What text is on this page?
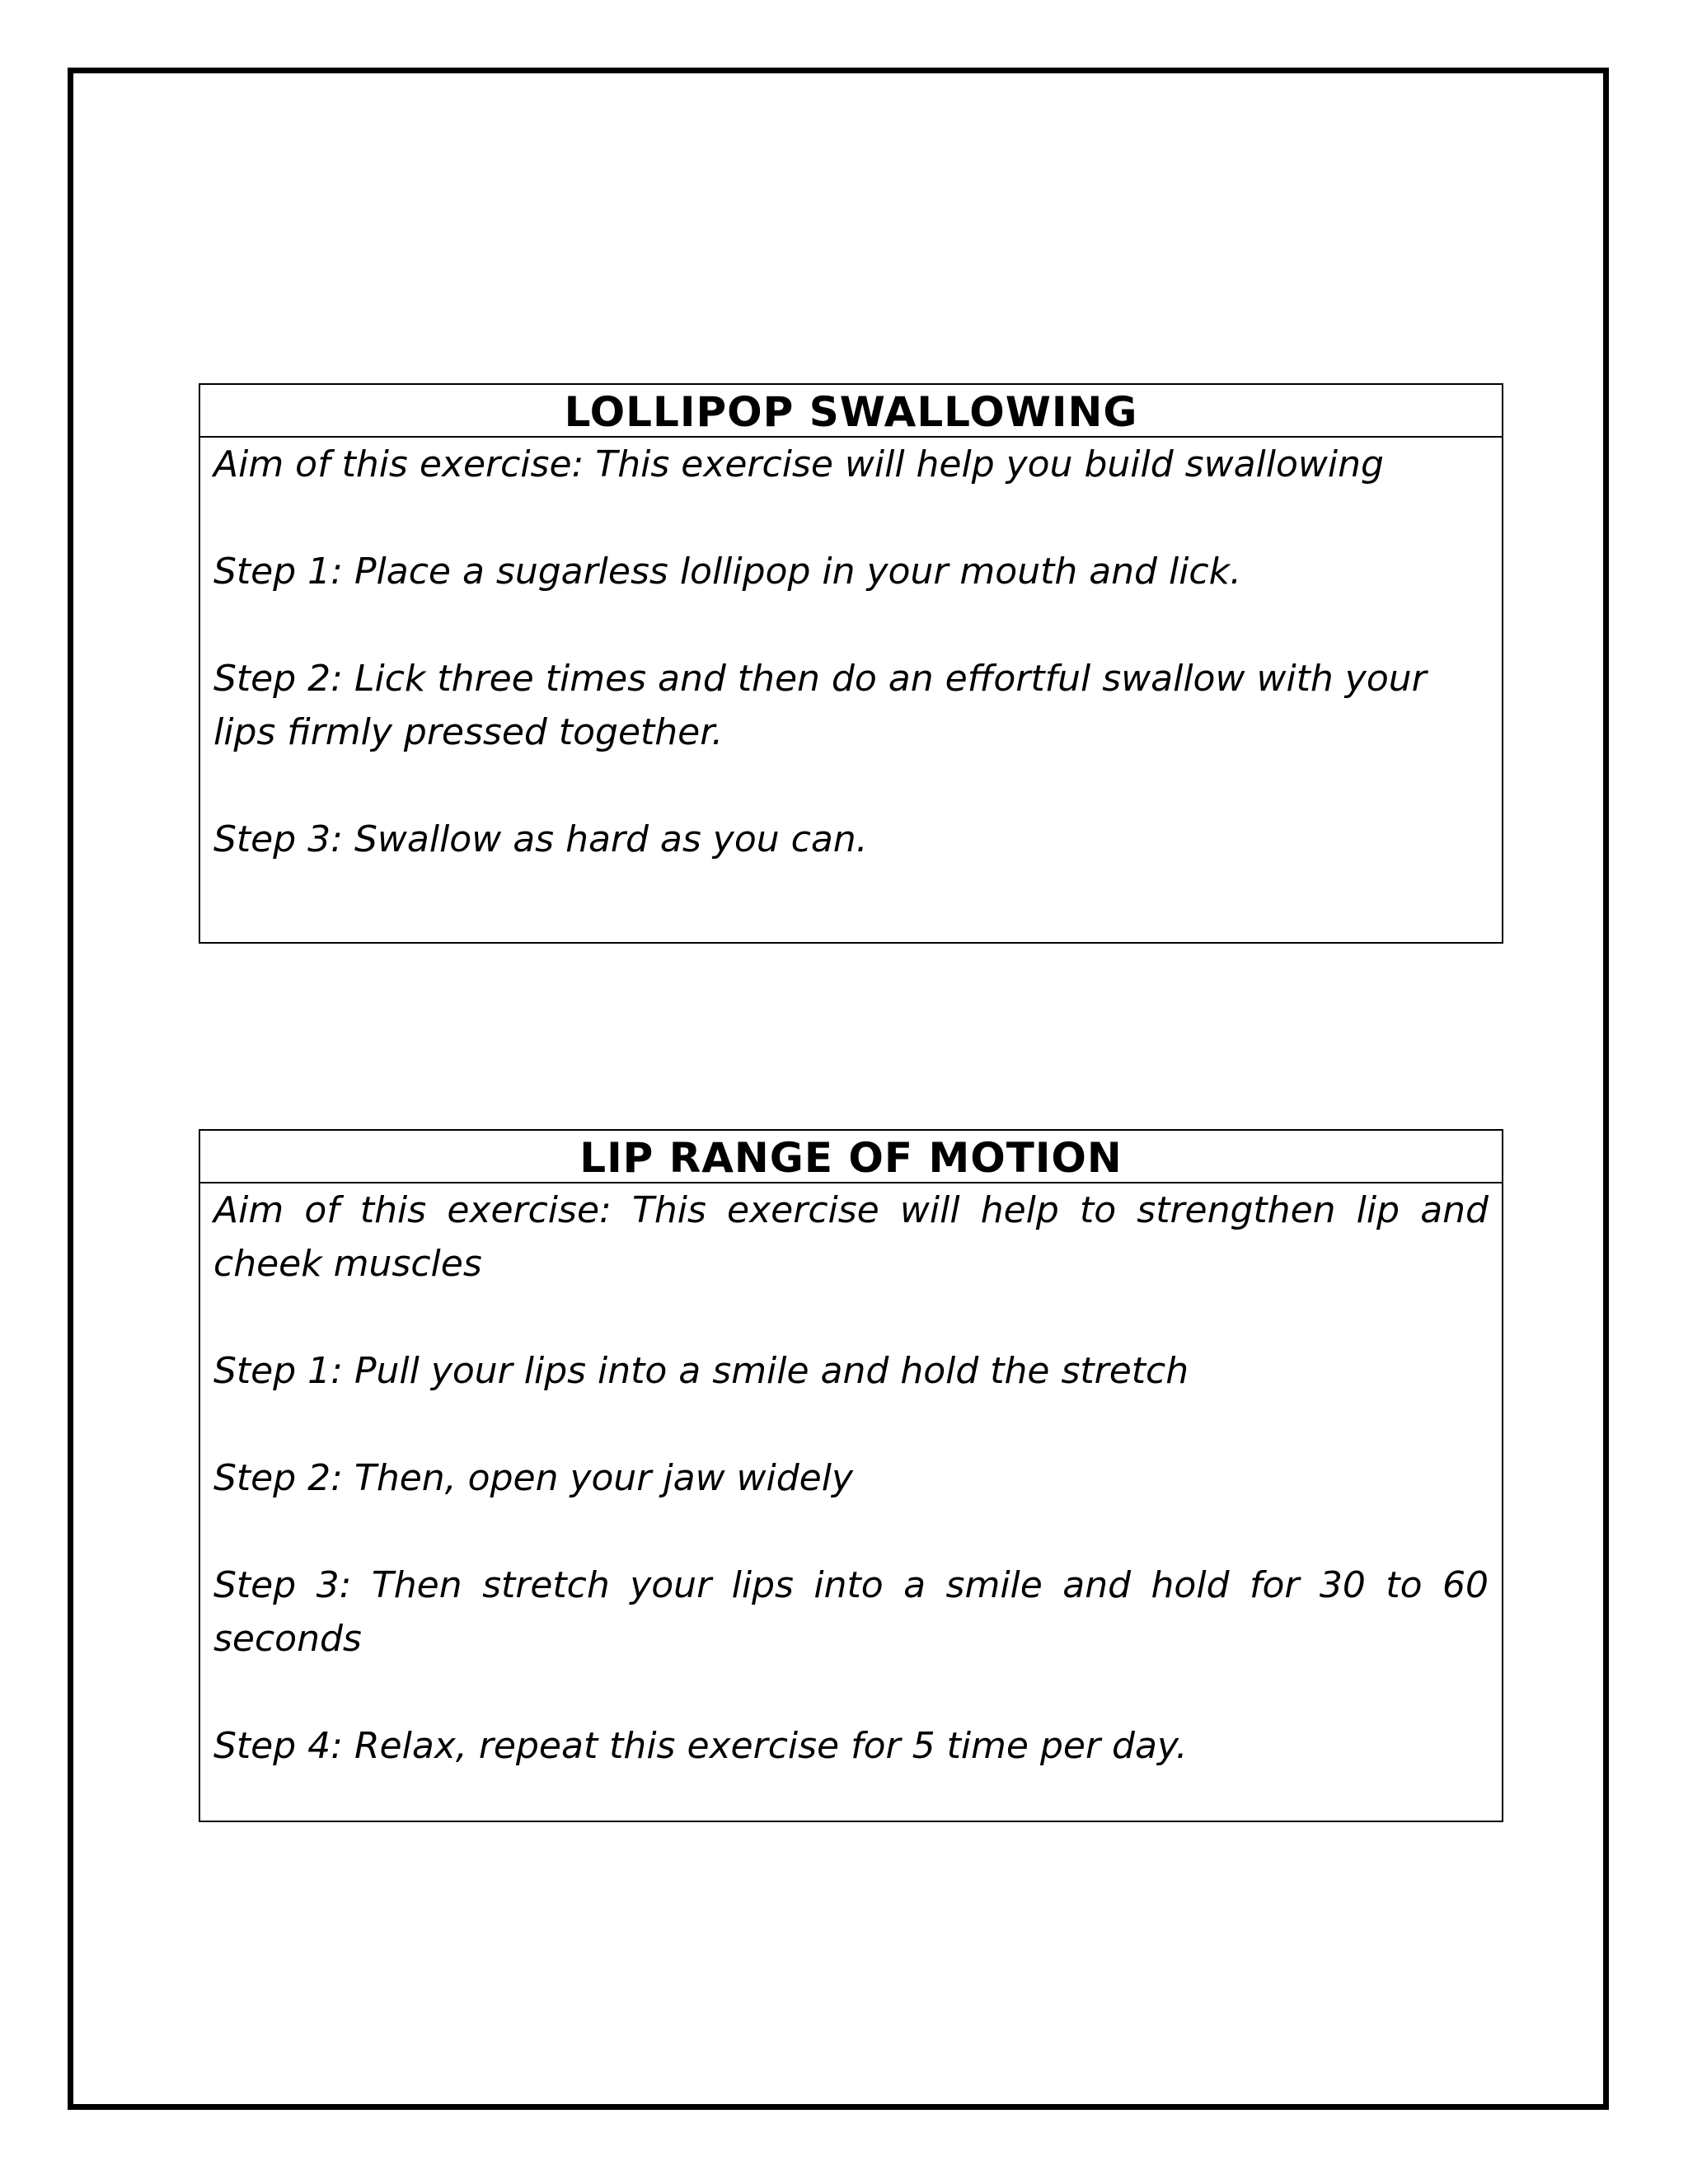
LOLLIPOP SWALLOWING

Aim of this exercise: This exercise will help you build swallowing

Step 1: Place a sugarless lollipop in your mouth and lick.

Step 2: Lick three times and then do an effortful swallow with your lips firmly pressed together.

Step 3: Swallow as hard as you can.

LIP RANGE OF MOTION

Aim of this exercise: This exercise will help to strengthen lip and cheek muscles

Step 1: Pull your lips into a smile and hold the stretch

Step 2: Then, open your jaw widely

Step 3: Then stretch your lips into a smile and hold for 30 to 60 seconds

Step 4: Relax, repeat this exercise for 5 time per day.
